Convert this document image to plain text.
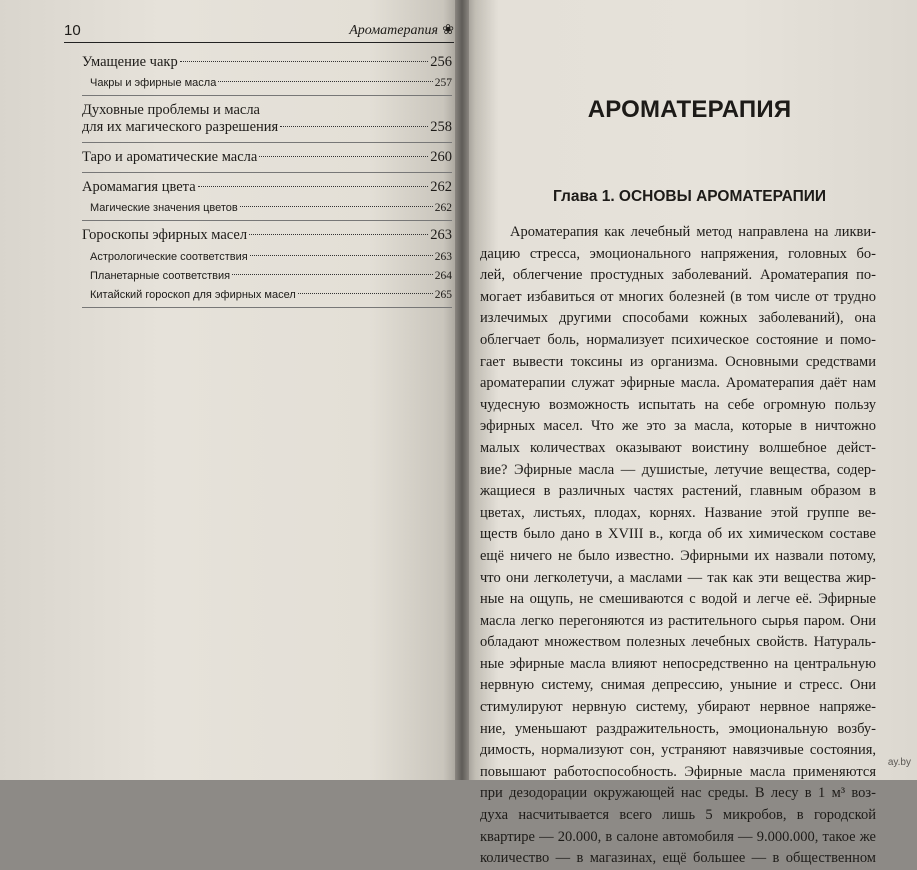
10	Ароматерапия ❀
Умащение чакр	256
Чакры и эфирные масла	257
Духовные проблемы и масла
для их магического разрешения	258
Таро и ароматические масла	260
Аромамагия цвета	262
Магические значения цветов	262
Гороскопы эфирных масел	263
Астрологические соответствия	263
Планетарные соответствия	264
Китайский гороскоп для эфирных масел	265
АРОМАТЕРАПИЯ
Глава 1. ОСНОВЫ АРОМАТЕРАПИИ
Ароматерапия как лечебный метод направлена на ликви-
дацию стресса, эмоционального напряжения, головных бо-
лей, облегчение простудных заболеваний. Ароматерапия по-
могает избавиться от многих болезней (в том числе от трудно
излечимых другими способами кожных заболеваний), она
облегчает боль, нормализует психическое состояние и помо-
гает вывести токсины из организма. Основными средствами
ароматерапии служат эфирные масла. Ароматерапия даёт нам
чудесную возможность испытать на себе огромную пользу
эфирных масел. Что же это за масла, которые в ничтожно
малых количествах оказывают воистину волшебное дейст-
вие? Эфирные масла — душистые, летучие вещества, содер-
жащиеся в различных частях растений, главным образом в
цветах, листьях, плодах, корнях. Название этой группе ве-
ществ было дано в XVIII в., когда об их химическом составе
ещё ничего не было известно. Эфирными их назвали потому,
что они легколетучи, а маслами — так как эти вещества жир-
ные на ощупь, не смешиваются с водой и легче её. Эфирные
масла легко перегоняются из растительного сырья паром. Они
обладают множеством полезных лечебных свойств. Натураль-
ные эфирные масла влияют непосредственно на центральную
нервную систему, снимая депрессию, уныние и стресс. Они
стимулируют нервную систему, убирают нервное напряже-
ние, уменьшают раздражительность, эмоциональную возбу-
димость, нормализуют сон, устраняют навязчивые состояния,
повышают работоспособность. Эфирные масла применяются
при дезодорации окружающей нас среды. В лесу в 1 м³ воз-
духа насчитывается всего лишь 5 микробов, в городской
квартире — 20.000, в салоне автомобиля — 9.000.000, такое же
количество — в магазинах, ещё большее — в общественном
ay.by
